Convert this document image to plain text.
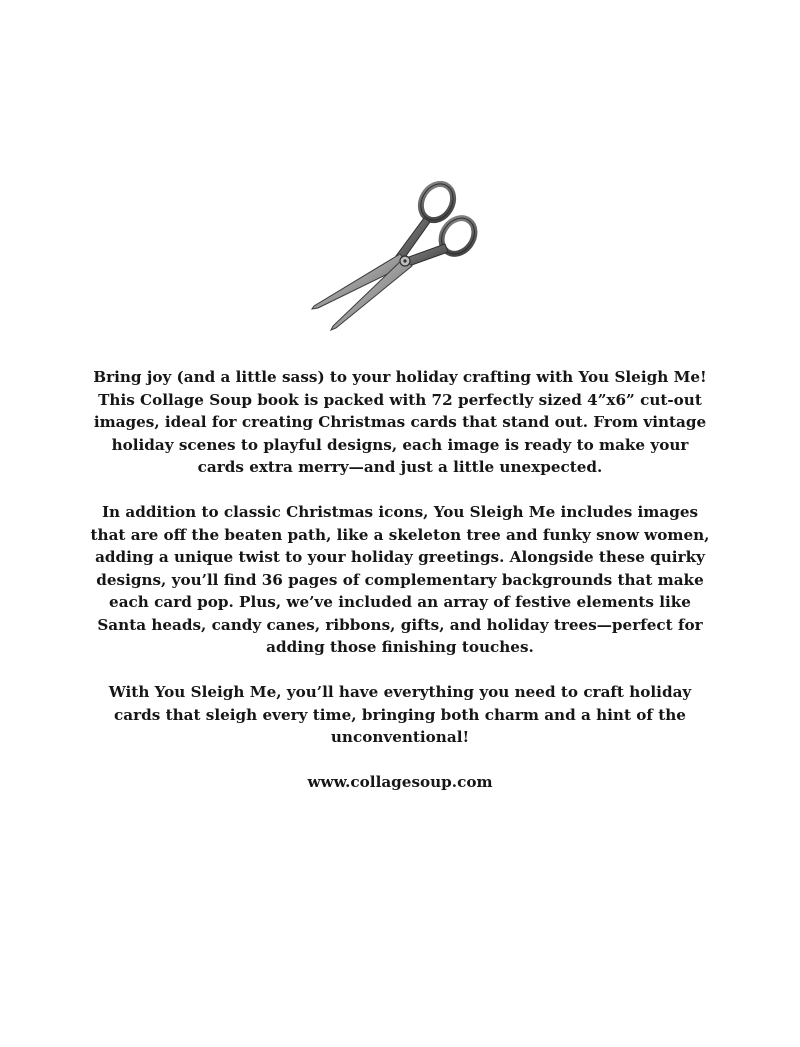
Bring joy (and a little sass) to your holiday crafting with You Sleigh Me! This Collage Soup book is packed with 72 perfectly sized 4”x6” cut-out images, ideal for creating Christmas cards that stand out. From vintage holiday scenes to playful designs, each image is ready to make your cards extra merry—and just a little unexpected.

In addition to classic Christmas icons, You Sleigh Me includes images that are off the beaten path, like a skeleton tree and funky snow women, adding a unique twist to your holiday greetings. Alongside these quirky designs, you’ll find 36 pages of complementary backgrounds that make each card pop. Plus, we’ve included an array of festive elements like Santa heads, candy canes, ribbons, gifts, and holiday trees—perfect for adding those finishing touches.

With You Sleigh Me, you’ll have everything you need to craft holiday cards that sleigh every time, bringing both charm and a hint of the unconventional!

www.collagesoup.com
